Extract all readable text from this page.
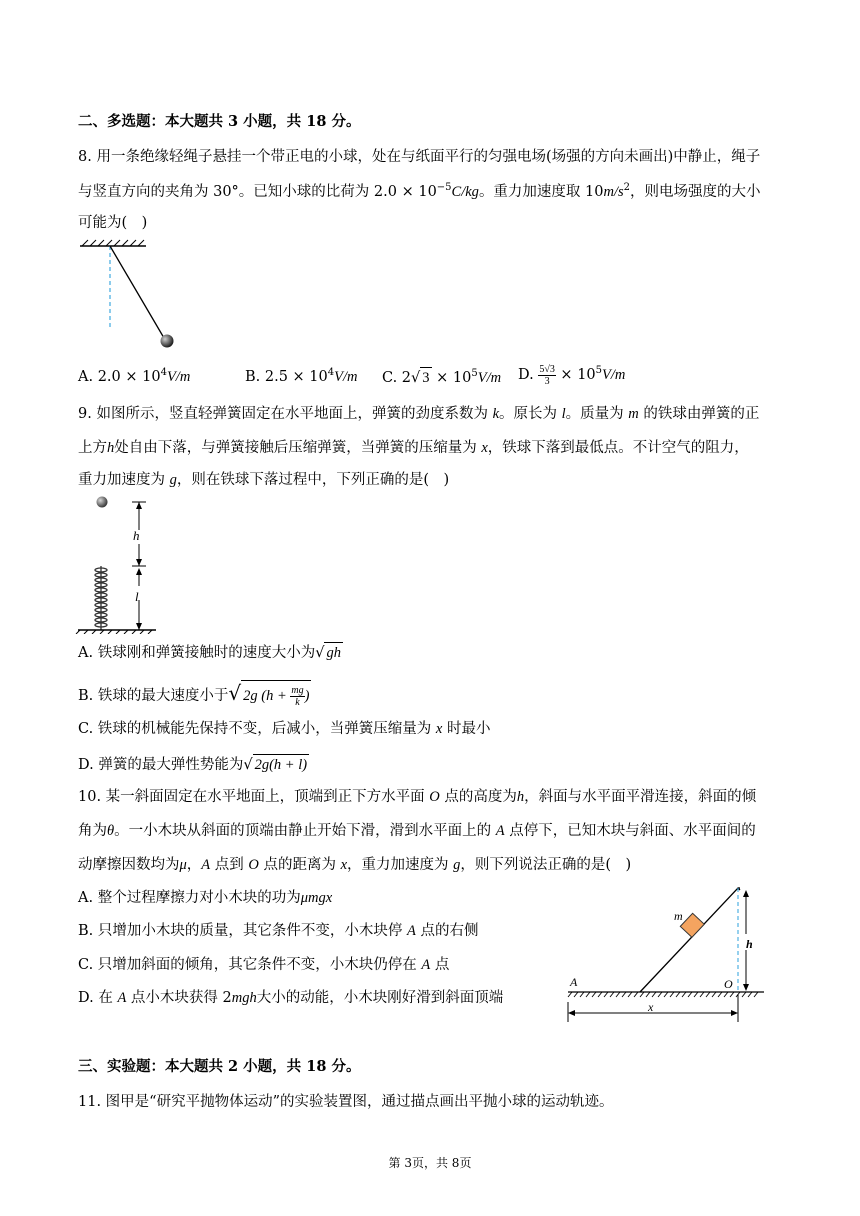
二、多选题：本大题共 3 小题，共 18 分。
8. 用一条绝缘轻绳子悬挂一个带正电的小球，处在与纸面平行的匀强电场(场强的方向未画出)中静止，绳子
与竖直方向的夹角为 30°。已知小球的比荷为 $2.0 \times 10^{-5}C/kg$。重力加速度取 $10m/s^2$，则电场强度的大小
可能为(　)
A. $2.0 \times 10^4V/m$	B. $2.5 \times 10^4V/m$ C. 2√ $3 \times 10^5V/m$ D. $\frac{5√3}{3} \times 10^5V/m$
9. 如图所示，竖直轻弹簧固定在水平地面上，弹簧的劲度系数为 k。原长为 l。质量为 m 的铁球由弹簧的正
上方h处自由下落，与弹簧接触后压缩弹簧，当弹簧的压缩量为 x，铁球下落到最低点。不计空气的阻力，
重力加速度为 g，则在铁球下落过程中，下列正确的是(　)
h
l
A. 铁球刚和弹簧接触时的速度大小为√ gh
B. 铁球的最大速度小于√ 2g ($h + \frac{mg}{k}$ )
C. 铁球的机械能先保持不变，后减小，当弹簧压缩量为 x 时最小
D. 弹簧的最大弹性势能为√ 2g(h + l)
10. 某一斜面固定在水平地面上，顶端到正下方水平面 O 点的高度为h，斜面与水平面平滑连接，斜面的倾
角为θ。一小木块从斜面的顶端由静止开始下滑，滑到水平面上的 A 点停下，已知木块与斜面、水平面间的
动摩擦因数均为μ，A 点到 O 点的距离为 x，重力加速度为 g，则下列说法正确的是(　)
A. 整个过程摩擦力对小木块的功为μmgx
B. 只增加小木块的质量，其它条件不变，小木块停 A 点的右侧
C. 只增加斜面的倾角，其它条件不变，小木块仍停在 A 点
D. 在 A 点小木块获得 2mgh大小的动能，小木块刚好滑到斜面顶端
m
h
A	O
x
三、实验题：本大题共 2 小题，共 18 分。
11. 图甲是“研究平抛物体运动”的实验装置图，通过描点画出平抛小球的运动轨迹。
第 3页，共 8页
